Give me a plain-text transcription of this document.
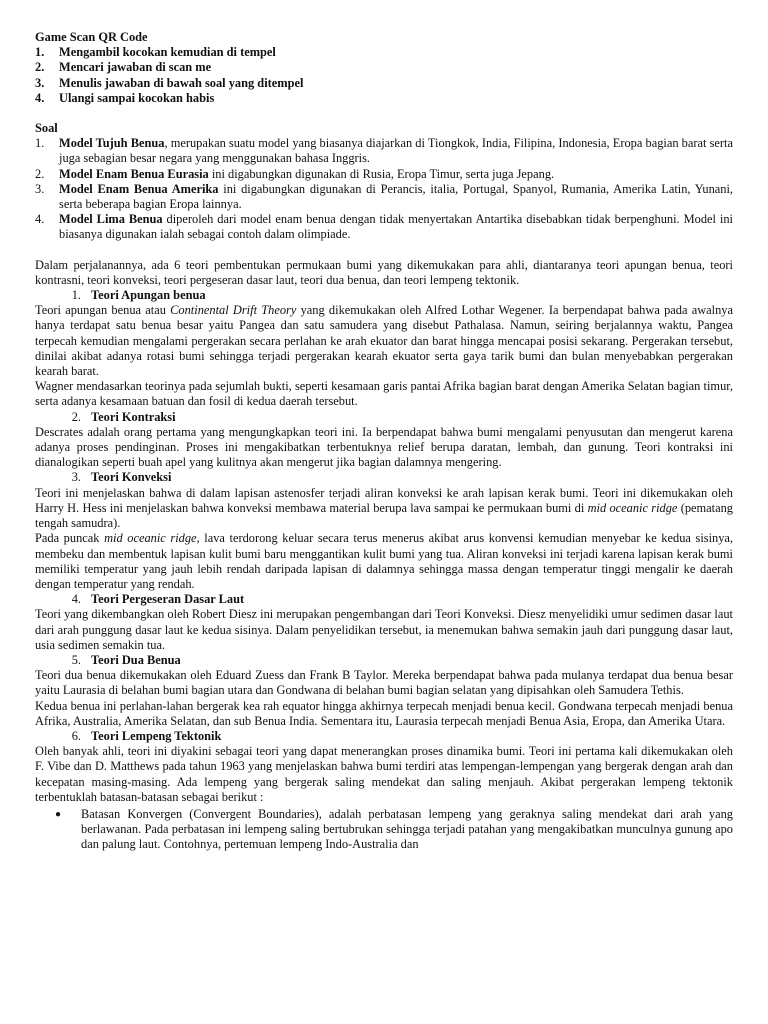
Game Scan QR Code

1.	Mengambil kocokan kemudian di tempel
2.	Mencari jawaban di scan me
3.	Menulis jawaban di bawah soal yang ditempel
4.	Ulangi sampai kocokan habis

Soal

1.	Model Tujuh Benua, merupakan suatu model yang biasanya diajarkan di Tiongkok, India, Filipina, Indonesia, Eropa bagian barat serta juga sebagian besar negara yang menggunakan bahasa Inggris.
2.	Model Enam Benua Eurasia ini digabungkan digunakan di Rusia, Eropa Timur, serta juga Jepang.
3.	Model Enam Benua Amerika ini digabungkan digunakan di Perancis, italia, Portugal, Spanyol, Rumania, Amerika Latin, Yunani, serta beberapa bagian Eropa lainnya.
4.	Model Lima Benua diperoleh dari model enam benua dengan tidak menyertakan Antartika disebabkan tidak berpenghuni. Model ini biasanya digunakan ialah sebagai contoh dalam olimpiade.

Dalam perjalanannya, ada 6 teori pembentukan permukaan bumi yang dikemukakan para ahli, diantaranya teori apungan benua, teori kontrasni, teori konveksi, teori pergeseran dasar laut, teori dua benua, dan teori lempeng tektonik.

1. Teori Apungan benua

Teori apungan benua atau Continental Drift Theory yang dikemukakan oleh Alfred Lothar Wegener. Ia berpendapat bahwa pada awalnya hanya terdapat satu benua besar yaitu Pangea dan satu samudera yang disebut Pathalasa. Namun, seiring berjalannya waktu, Pangea terpecah kemudian mengalami pergerakan secara perlahan ke arah ekuator dan barat hingga mencapai posisi sekarang. Pergerakan tersebut, dinilai akibat adanya rotasi bumi sehingga terjadi pergerakan kearah ekuator serta gaya tarik bumi dan bulan menyebabkan pergerakan kearah barat.

Wagner mendasarkan teorinya pada sejumlah bukti, seperti kesamaan garis pantai Afrika bagian barat dengan Amerika Selatan bagian timur, serta adanya kesamaan batuan dan fosil di kedua daerah tersebut.

2. Teori Kontraksi

Descrates adalah orang pertama yang mengungkapkan teori ini. Ia berpendapat bahwa bumi mengalami penyusutan dan mengerut karena adanya proses pendinginan. Proses ini mengakibatkan terbentuknya relief berupa daratan, lembah, dan gunung. Teori kontraksi ini dianalogikan seperti buah apel yang kulitnya akan mengerut jika bagian dalamnya mengering.

3. Teori Konveksi

Teori ini menjelaskan bahwa di dalam lapisan astenosfer terjadi aliran konveksi ke arah lapisan kerak bumi. Teori ini dikemukakan oleh Harry H. Hess ini menjelaskan bahwa konveksi membawa material berupa lava sampai ke permukaan bumi di mid oceanic ridge (pematang tengah samudra).

Pada puncak mid oceanic ridge, lava terdorong keluar secara terus menerus akibat arus konvensi kemudian menyebar ke kedua sisinya, membeku dan membentuk lapisan kulit bumi baru menggantikan kulit bumi yang tua. Aliran konveksi ini terjadi karena lapisan kerak bumi memiliki temperatur yang jauh lebih rendah daripada lapisan di dalamnya sehingga massa dengan temperatur tinggi mengalir ke daerah dengan temperatur yang rendah.

4. Teori Pergeseran Dasar Laut

Teori yang dikembangkan oleh Robert Diesz ini merupakan pengembangan dari Teori Konveksi. Diesz menyelidiki umur sedimen dasar laut dari arah punggung dasar laut ke kedua sisinya. Dalam penyelidikan tersebut, ia menemukan bahwa semakin jauh dari punggung dasar laut, usia sedimen semakin tua.

5. Teori Dua Benua

Teori dua benua dikemukakan oleh Eduard Zuess dan Frank B Taylor. Mereka berpendapat bahwa pada mulanya terdapat dua benua besar yaitu Laurasia di belahan bumi bagian utara dan Gondwana di belahan bumi bagian selatan yang dipisahkan oleh Samudera Tethis.

Kedua benua ini perlahan-lahan bergerak kea rah equator hingga akhirnya terpecah menjadi benua kecil. Gondwana terpecah menjadi benua Afrika, Australia, Amerika Selatan, dan sub Benua India. Sementara itu, Laurasia terpecah menjadi Benua Asia, Eropa, dan Amerika Utara.

6. Teori Lempeng Tektonik

Oleh banyak ahli, teori ini diyakini sebagai teori yang dapat menerangkan proses dinamika bumi. Teori ini pertama kali dikemukakan oleh F. Vibe dan D. Matthews pada tahun 1963 yang menjelaskan bahwa bumi terdiri atas lempengan-lempengan yang bergerak dengan arah dan kecepatan masing-masing. Ada lempeng yang bergerak saling mendekat dan saling menjauh. Akibat pergerakan lempeng tektonik terbentuklah batasan-batasan sebagai berikut :

●	Batasan Konvergen (Convergent Boundaries), adalah perbatasan lempeng yang geraknya saling mendekat dari arah yang berlawanan. Pada perbatasan ini lempeng saling bertubrukan sehingga terjadi patahan yang mengakibatkan munculnya gunung apo dan palung laut. Contohnya, pertemuan lempeng Indo-Australia dan
